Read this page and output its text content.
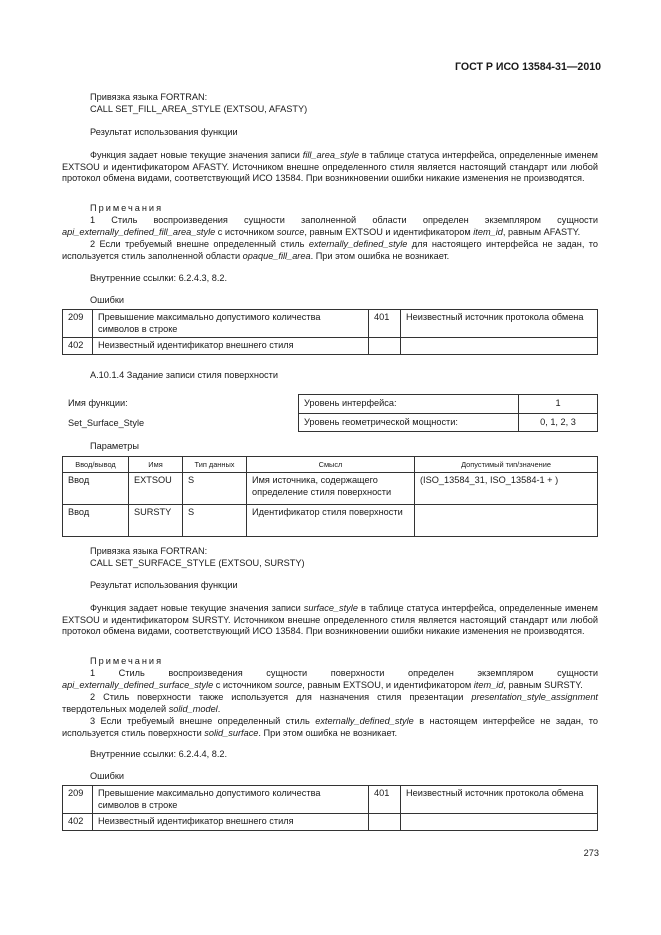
ГОСТ Р ИСО 13584-31—2010
Привязка языка FORTRAN:
CALL SET_FILL_AREA_STYLE (EXTSOU, AFASTY)
Результат использования функции
Функция задает новые текущие значения записи fill_area_style в таблице статуса интерфейса, определенные именем EXTSOU и идентификатором AFASTY. Источником внешне определенного стиля является настоящий стандарт или любой протокол обмена видами, соответствующий ИСО 13584. При возникновении ошибки никакие изменения не производятся.
Примечания
1 Стиль воспроизведения сущности заполненной области определен экземпляром сущности api_externally_defined_fill_area_style с источником source, равным EXTSOU и идентификатором item_id, равным AFASTY.
2 Если требуемый внешне определенный стиль externally_defined_style для настоящего интерфейса не задан, то используется стиль заполненной области opaque_fill_area. При этом ошибка не возникает.
Внутренние ссылки: 6.2.4.3, 8.2.
Ошибки
209	Превышение максимально допустимого количества символов в строке	401	Неизвестный источник протокола обмена
402	Неизвестный идентификатор внешнего стиля		
А.10.1.4 Задание записи стиля поверхности
Имя функции:
Set_Surface_Style
Уровень интерфейса:	1
Уровень геометрической мощности:	0, 1, 2, 3
Параметры
Ввод/вывод	Имя	Тип данных	Смысл	Допустимый тип/значение
Ввод	EXTSOU	S	Имя источника, содержащего определение стиля поверхности	(ISO_13584_31, ISO_13584-1 + )
Ввод	SURSTY	S	Идентификатор стиля поверхности	
Привязка языка FORTRAN:
CALL SET_SURFACE_STYLE (EXTSOU, SURSTY)
Результат использования функции
Функция задает новые текущие значения записи surface_style в таблице статуса интерфейса, определенные именем EXTSOU и идентификатором SURSTY. Источником внешне определенного стиля является настоящий стандарт или любой протокол обмена видами, соответствующий ИСО 13584. При возникновении ошибки никакие изменения не производятся.
Примечания
1 Стиль воспроизведения сущности поверхности определен экземпляром сущности api_externally_defined_surface_style с источником source, равным EXTSOU, и идентификатором item_id, равным SURSTY.
2 Стиль поверхности также используется для назначения стиля презентации presentation_style_assignment твердотельных моделей solid_model.
3 Если требуемый внешне определенный стиль externally_defined_style в настоящем интерфейсе не задан, то используется стиль поверхности solid_surface. При этом ошибка не возникает.
Внутренние ссылки: 6.2.4.4, 8.2.
Ошибки
209	Превышение максимально допустимого количества символов в строке	401	Неизвестный источник протокола обмена
402	Неизвестный идентификатор внешнего стиля		
273
